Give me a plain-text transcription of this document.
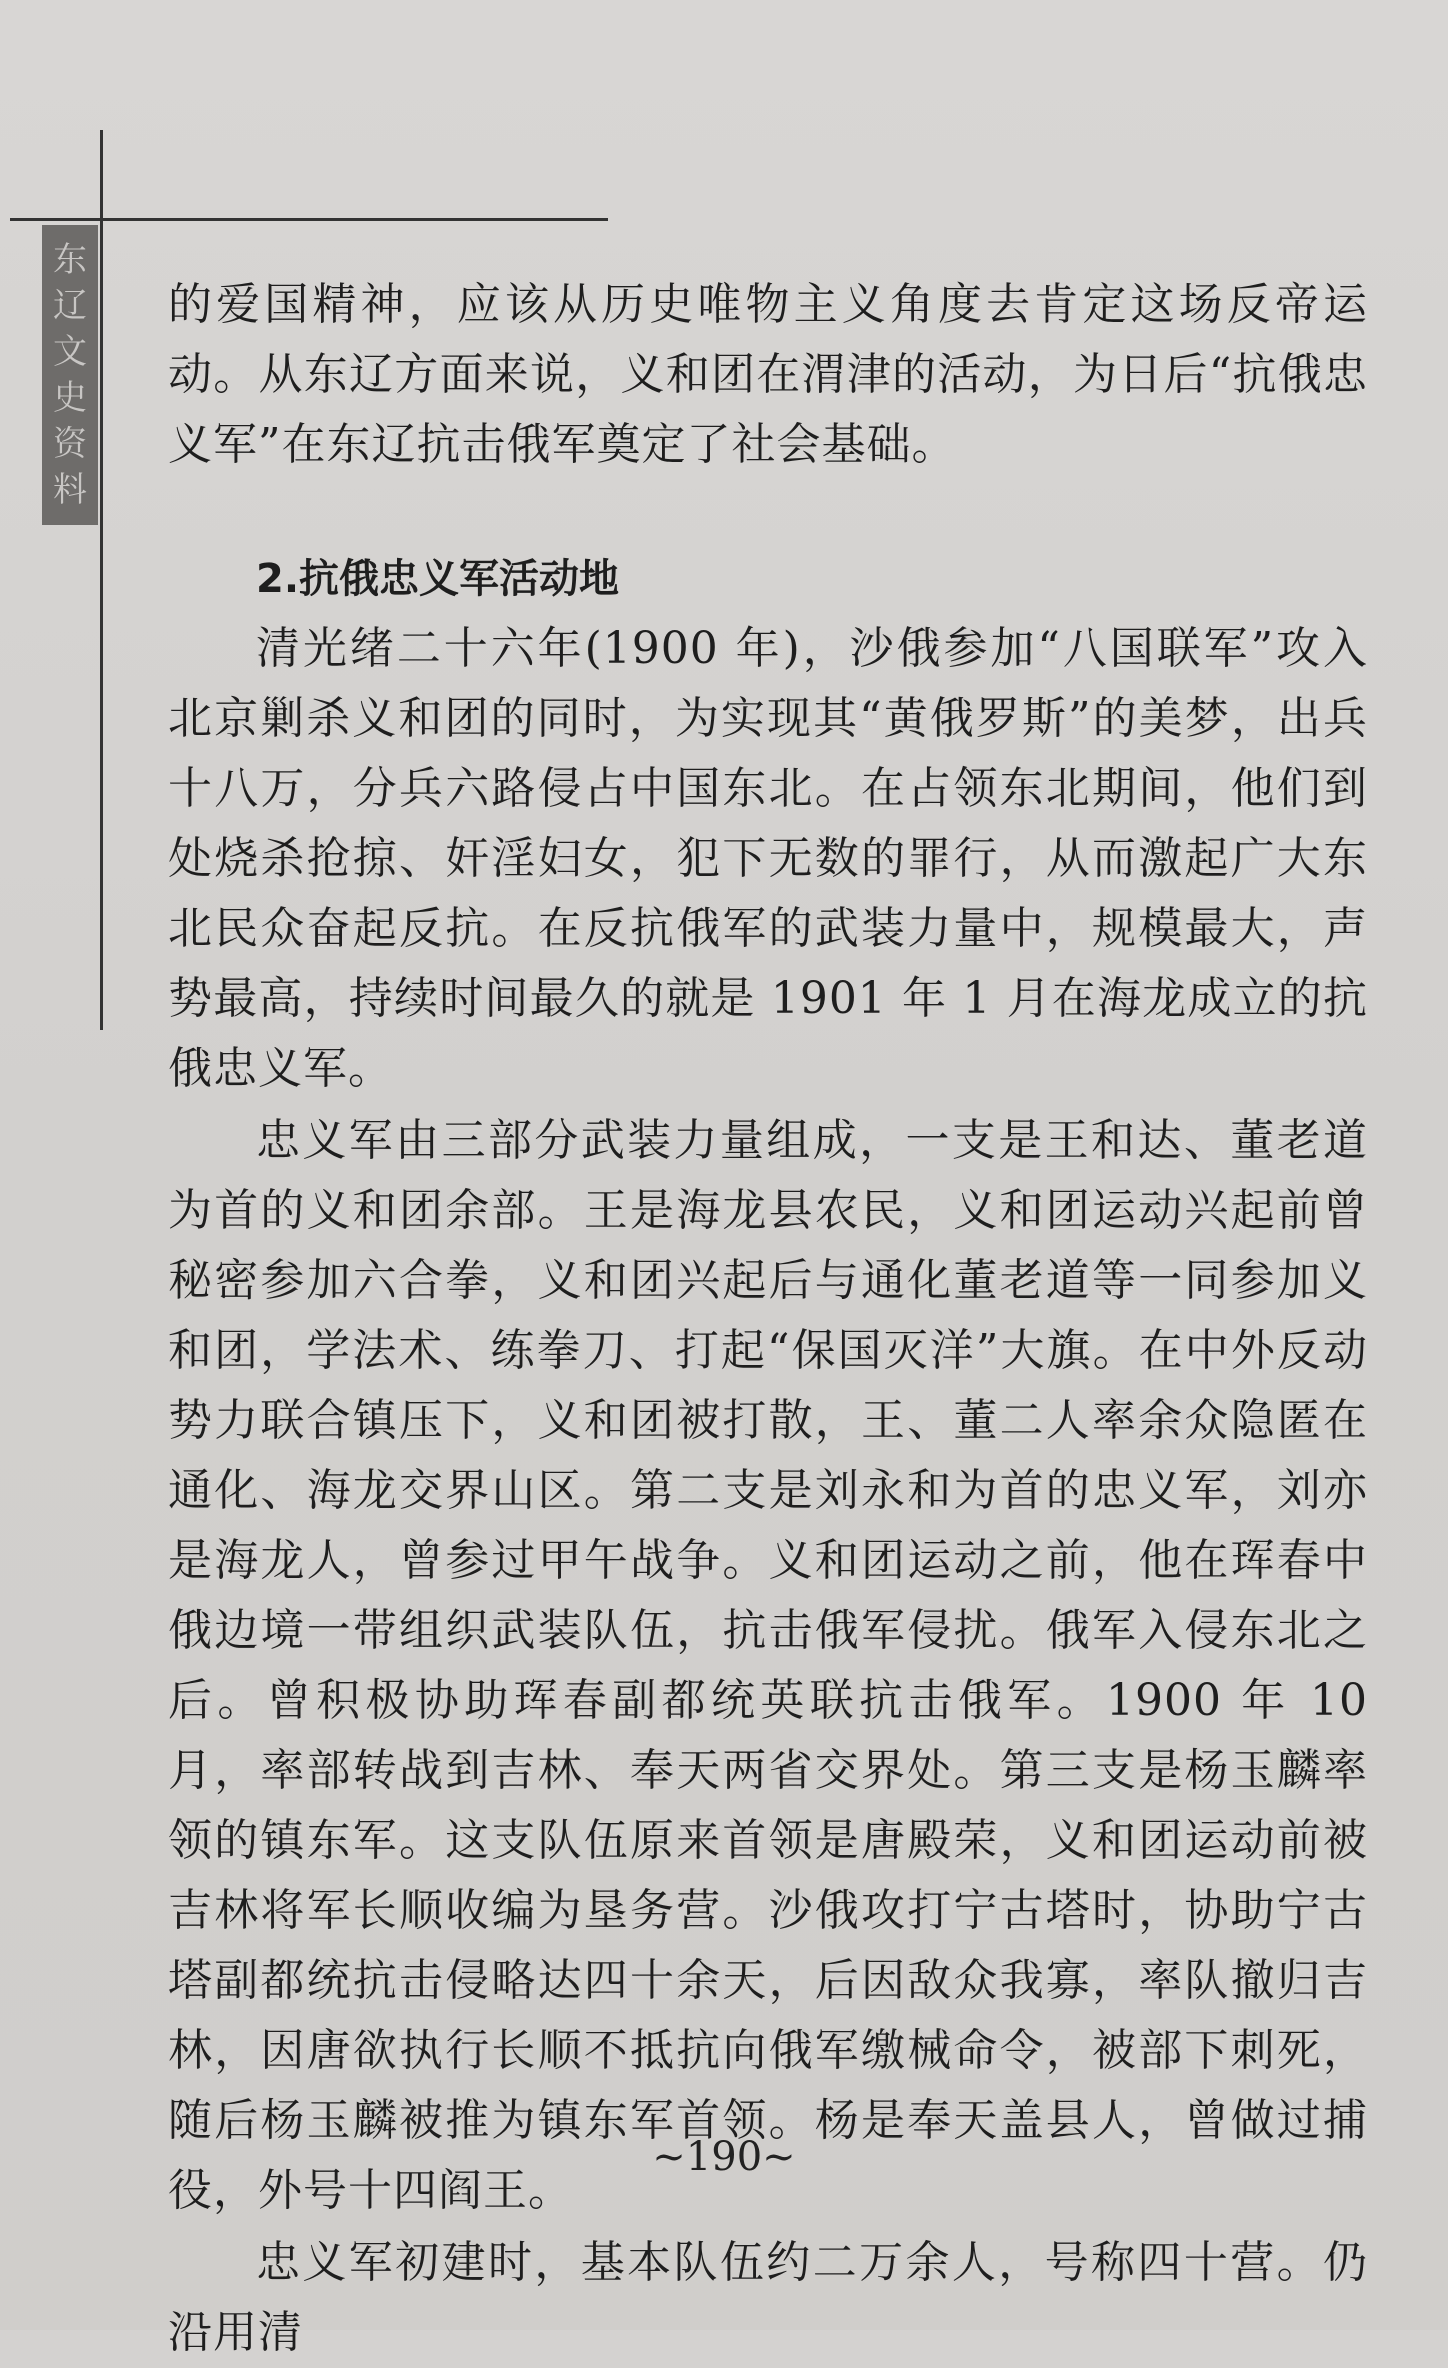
东
辽
文
史
资
料

的爱国精神，应该从历史唯物主义角度去肯定这场反帝运动。从东辽方面来说，义和团在渭津的活动，为日后“抗俄忠义军”在东辽抗击俄军奠定了社会基础。

2.抗俄忠义军活动地

清光绪二十六年(1900 年)，沙俄参加“八国联军”攻入北京剿杀义和团的同时，为实现其“黄俄罗斯”的美梦，出兵十八万，分兵六路侵占中国东北。在占领东北期间，他们到处烧杀抢掠、奸淫妇女，犯下无数的罪行，从而激起广大东北民众奋起反抗。在反抗俄军的武装力量中，规模最大，声势最高，持续时间最久的就是 1901 年 1 月在海龙成立的抗俄忠义军。

忠义军由三部分武装力量组成，一支是王和达、董老道为首的义和团余部。王是海龙县农民，义和团运动兴起前曾秘密参加六合拳，义和团兴起后与通化董老道等一同参加义和团，学法术、练拳刀、打起“保国灭洋”大旗。在中外反动势力联合镇压下，义和团被打散，王、董二人率余众隐匿在通化、海龙交界山区。第二支是刘永和为首的忠义军，刘亦是海龙人，曾参过甲午战争。义和团运动之前，他在珲春中俄边境一带组织武装队伍，抗击俄军侵扰。俄军入侵东北之后。曾积极协助珲春副都统英联抗击俄军。1900 年 10 月，率部转战到吉林、奉天两省交界处。第三支是杨玉麟率领的镇东军。这支队伍原来首领是唐殿荣，义和团运动前被吉林将军长顺收编为垦务营。沙俄攻打宁古塔时，协助宁古塔副都统抗击侵略达四十余天，后因敌众我寡，率队撤归吉林，因唐欲执行长顺不抵抗向俄军缴械命令，被部下刺死，随后杨玉麟被推为镇东军首领。杨是奉天盖县人，曾做过捕役，外号十四阎王。

忠义军初建时，基本队伍约二万余人，号称四十营。仍沿用清

~190~
